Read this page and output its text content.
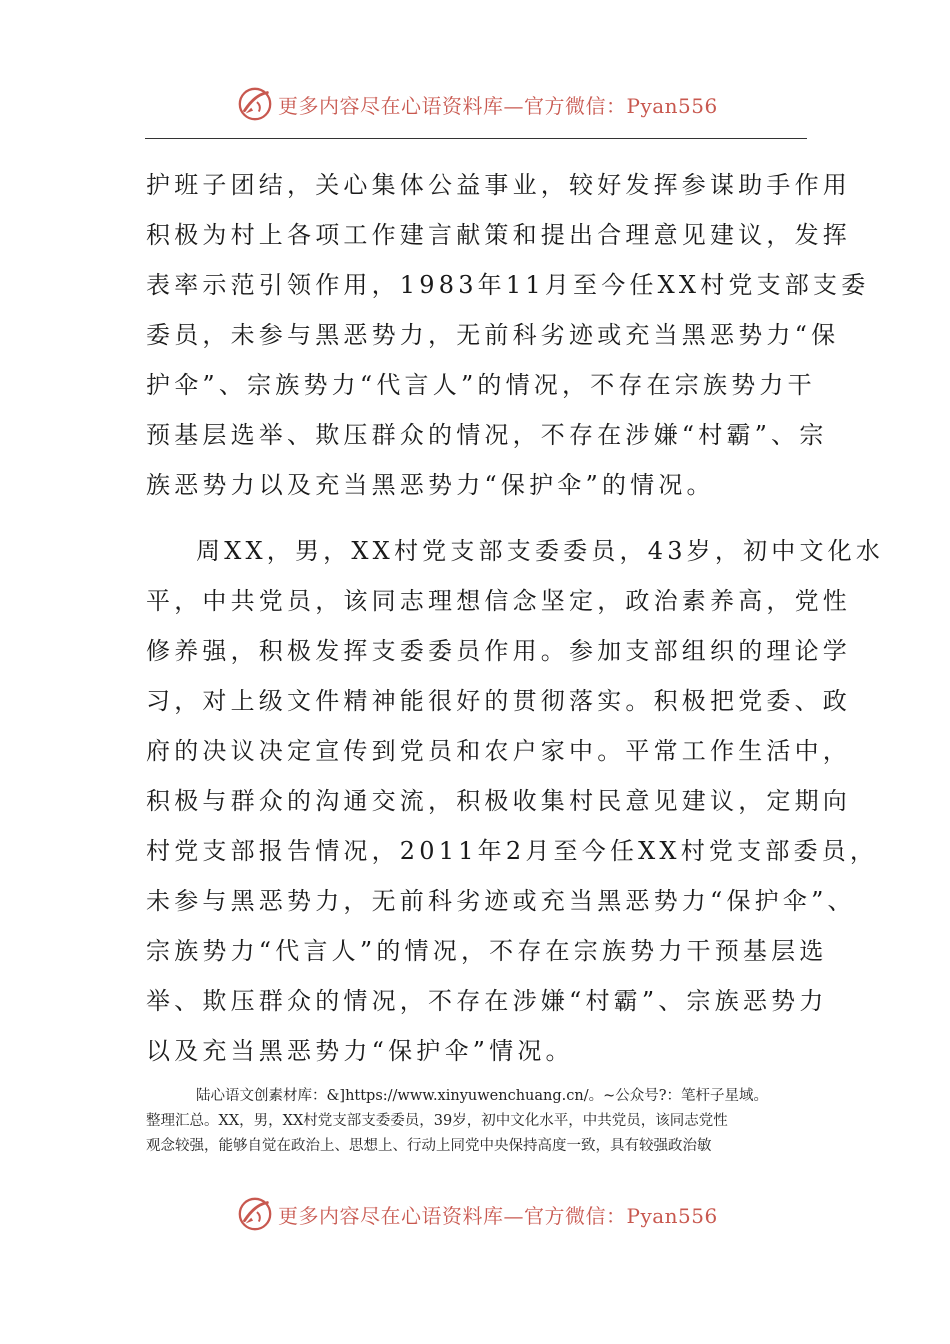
更多内容尽在心语资料库—官方微信：Pyan556
护班子团结，关心集体公益事业，较好发挥参谋助手作用
积极为村上各项工作建言献策和提出合理意见建议，发挥
表率示范引领作用，1983年11月至今任XX村党支部支委
委员，未参与黑恶势力，无前科劣迹或充当黑恶势力“保
护伞”、宗族势力“代言人”的情况，不存在宗族势力干
预基层选举、欺压群众的情况，不存在涉嫌“村霸”、宗
族恶势力以及充当黑恶势力“保护伞”的情况。
周XX，男，XX村党支部支委委员，43岁，初中文化水
平，中共党员，该同志理想信念坚定，政治素养高，党性
修养强，积极发挥支委委员作用。参加支部组织的理论学
习，对上级文件精神能很好的贯彻落实。积极把党委、政
府的决议决定宣传到党员和农户家中。平常工作生活中，
积极与群众的沟通交流，积极收集村民意见建议，定期向
村党支部报告情况，2011年2月至今任XX村党支部委员，
未参与黑恶势力，无前科劣迹或充当黑恶势力“保护伞”、
宗族势力“代言人”的情况，不存在宗族势力干预基层选
举、欺压群众的情况，不存在涉嫌“村霸”、宗族恶势力
以及充当黑恶势力“保护伞”情况。
陆心语文创素材库：&]https://www.xinyuwenchuang.cn/。~公众号?：笔杆子星域。
整理汇总。XX，男，XX村党支部支委委员，39岁，初中文化水平，中共党员，该同志党性
观念较强，能够自觉在政治上、思想上、行动上同党中央保持高度一致，具有较强政治敏
更多内容尽在心语资料库—官方微信：Pyan556
